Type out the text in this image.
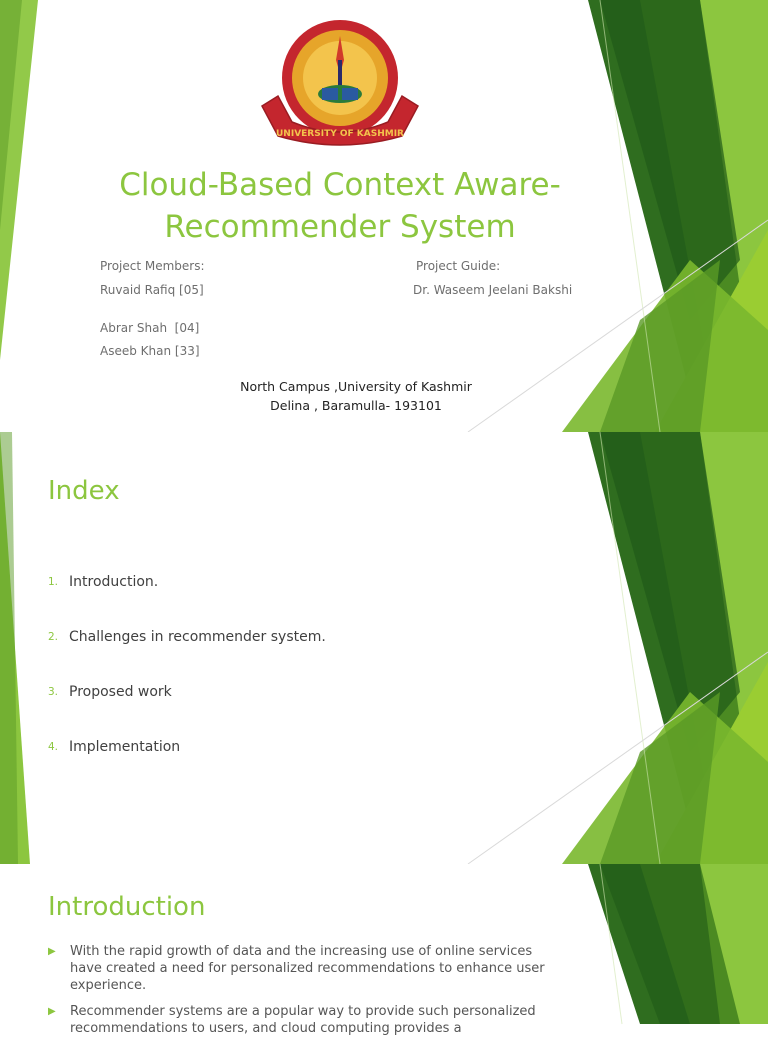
UNIVERSITY OF KASHMIR
Cloud-Based Context Aware-
Recommender System
Project Members:	Project Guide:
Ruvaid Rafiq [05]	Dr. Waseem Jeelani Bakshi
Abrar Shah  [04]
Aseeb Khan [33]
North Campus ,University of Kashmir
Delina , Baramulla- 193101
Index
1. Introduction.
2. Challenges in recommender system.
3. Proposed work
4. Implementation
Introduction
▶	With the rapid growth of data and the increasing use of online services have created a need for personalized recommendations to enhance user experience.
▶	Recommender systems are a popular way to provide such personalized recommendations to users, and cloud computing provides a
